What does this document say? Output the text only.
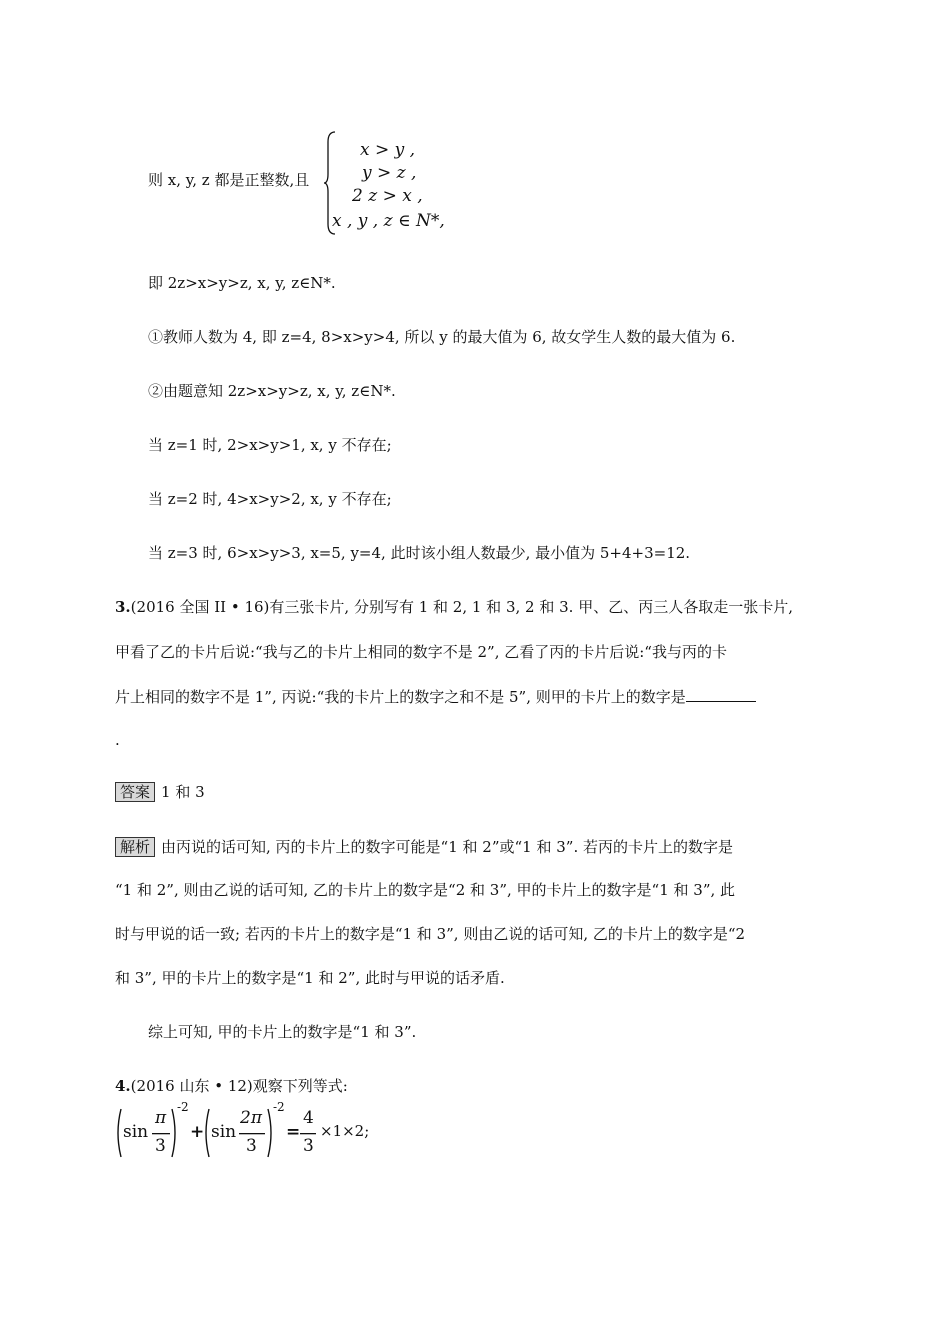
则 x, y, z 都是正整数,且
x > y ,
y > z ,
2 z > x ,
x , y , z ∈ N*,
即 2z>x>y>z, x, y, z∈N*.
①教师人数为 4, 即 z=4, 8>x>y>4, 所以 y 的最大值为 6, 故女学生人数的最大值为 6.
②由题意知 2z>x>y>z, x, y, z∈N*.
当 z=1 时, 2>x>y>1, x, y 不存在;
当 z=2 时, 4>x>y>2, x, y 不存在;
当 z=3 时, 6>x>y>3, x=5, y=4, 此时该小组人数最少, 最小值为 5+4+3=12.
3.(2016 全国 II • 16)有三张卡片, 分别写有 1 和 2, 1 和 3, 2 和 3. 甲、乙、丙三人各取走一张卡片,
甲看了乙的卡片后说:“我与乙的卡片上相同的数字不是 2”, 乙看了丙的卡片后说:“我与丙的卡
片上相同的数字不是 1”, 丙说:“我的卡片上的数字之和不是 5”, 则甲的卡片上的数字是
.
答案 1 和 3
解析 由丙说的话可知, 丙的卡片上的数字可能是“1 和 2”或“1 和 3”. 若丙的卡片上的数字是
“1 和 2”, 则由乙说的话可知, 乙的卡片上的数字是“2 和 3”, 甲的卡片上的数字是“1 和 3”, 此
时与甲说的话一致; 若丙的卡片上的数字是“1 和 3”, 则由乙说的话可知, 乙的卡片上的数字是“2
和 3”, 甲的卡片上的数字是“1 和 2”, 此时与甲说的话矛盾.
综上可知, 甲的卡片上的数字是“1 和 3”.
4.(2016 山东 • 12)观察下列等式:
sin
π
3
-2
+ sin
2π
3
-2
=
4
3
×1×2;
